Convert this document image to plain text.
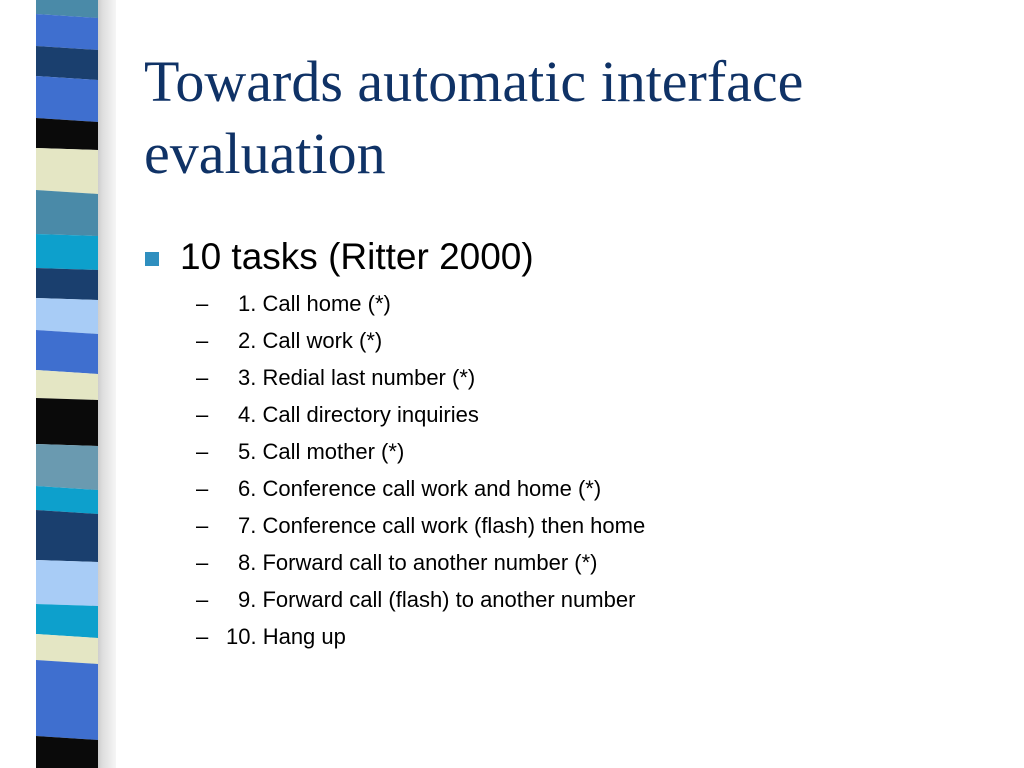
Towards automatic interface evaluation
10 tasks (Ritter 2000)
– 1. Call home (*)
– 2. Call work (*)
– 3. Redial last number (*)
– 4. Call directory inquiries
– 5. Call mother (*)
– 6. Conference call work and home (*)
– 7. Conference call work (flash) then home
– 8. Forward call to another number (*)
– 9. Forward call (flash) to another number
– 10. Hang up
